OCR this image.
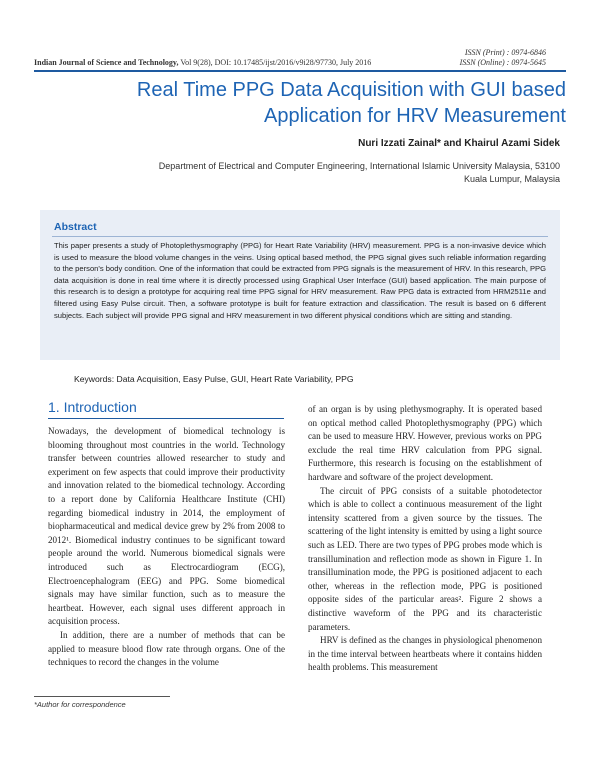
ISSN (Print) : 0974-6846
ISSN (Online) : 0974-5645
Indian Journal of Science and Technology, Vol 9(28), DOI: 10.17485/ijst/2016/v9i28/97730, July 2016
Real Time PPG Data Acquisition with GUI based
Application for HRV Measurement
Nuri Izzati Zainal* and Khairul Azami Sidek
Department of Electrical and Computer Engineering, International Islamic University Malaysia, 53100
Kuala Lumpur, Malaysia
Abstract
This paper presents a study of Photoplethysmography (PPG) for Heart Rate Variability (HRV) measurement. PPG is a non-invasive device which is used to measure the blood volume changes in the veins. Using optical based method, the PPG signal gives such reliable information regarding to the person's body condition. One of the information that could be extracted from PPG signals is the measurement of HRV. In this research, PPG data acquisition is done in real time where it is directly processed using Graphical User Interface (GUI) based application. The main purpose of this research is to design a prototype for acquiring real time PPG signal for HRV measurement. Raw PPG data is extracted from HRM2511e and filtered using Easy Pulse circuit. Then, a software prototype is built for feature extraction and classification. The result is based on 6 different subjects. Each subject will provide PPG signal and HRV measurement in two different physical conditions which are sitting and standing.
Keywords: Data Acquisition, Easy Pulse, GUI, Heart Rate Variability, PPG
1. Introduction

Nowadays, the development of biomedical technology is blooming throughout most countries in the world. Technology transfer between countries allowed researcher to study and experiment on few aspects that could improve their productivity and innovation related to the biomedical technology. According to a report done by California Healthcare Institute (CHI) regarding biomedical industry in 2014, the employment of biopharmaceutical and medical device grew by 2% from 2008 to 2012¹. Biomedical industry continues to be significant toward people around the world. Numerous biomedical signals were introduced such as Electrocardiogram (ECG), Electroencephalogram (EEG) and PPG. Some biomedical signals may have similar function, such as to measure the heartbeat. However, each signal uses different approach in acquisition process.

In addition, there are a number of methods that can be applied to measure blood flow rate through organs. One of the techniques to record the changes in the volume

of an organ is by using plethysmography. It is operated based on optical method called Photoplethysmography (PPG) which can be used to measure HRV. However, previous works on PPG exclude the real time HRV calculation from PPG signal. Furthermore, this research is focusing on the establishment of hardware and software of the project development.

The circuit of PPG consists of a suitable photodetector which is able to collect a continuous measurement of the light intensity scattered from a given source by the tissues. The scattering of the light intensity is emitted by using a light source such as LED. There are two types of PPG probes mode which is transillumination and reflection mode as shown in Figure 1. In transillumination mode, the PPG is positioned adjacent to each other, whereas in the reflection mode, PPG is positioned opposite sides of the particular areas². Figure 2 shows a distinctive waveform of the PPG and its characteristic parameters.

HRV is defined as the changes in physiological phenomenon in the time interval between heartbeats where it contains hidden health problems. This measurement

*Author for correspondence
